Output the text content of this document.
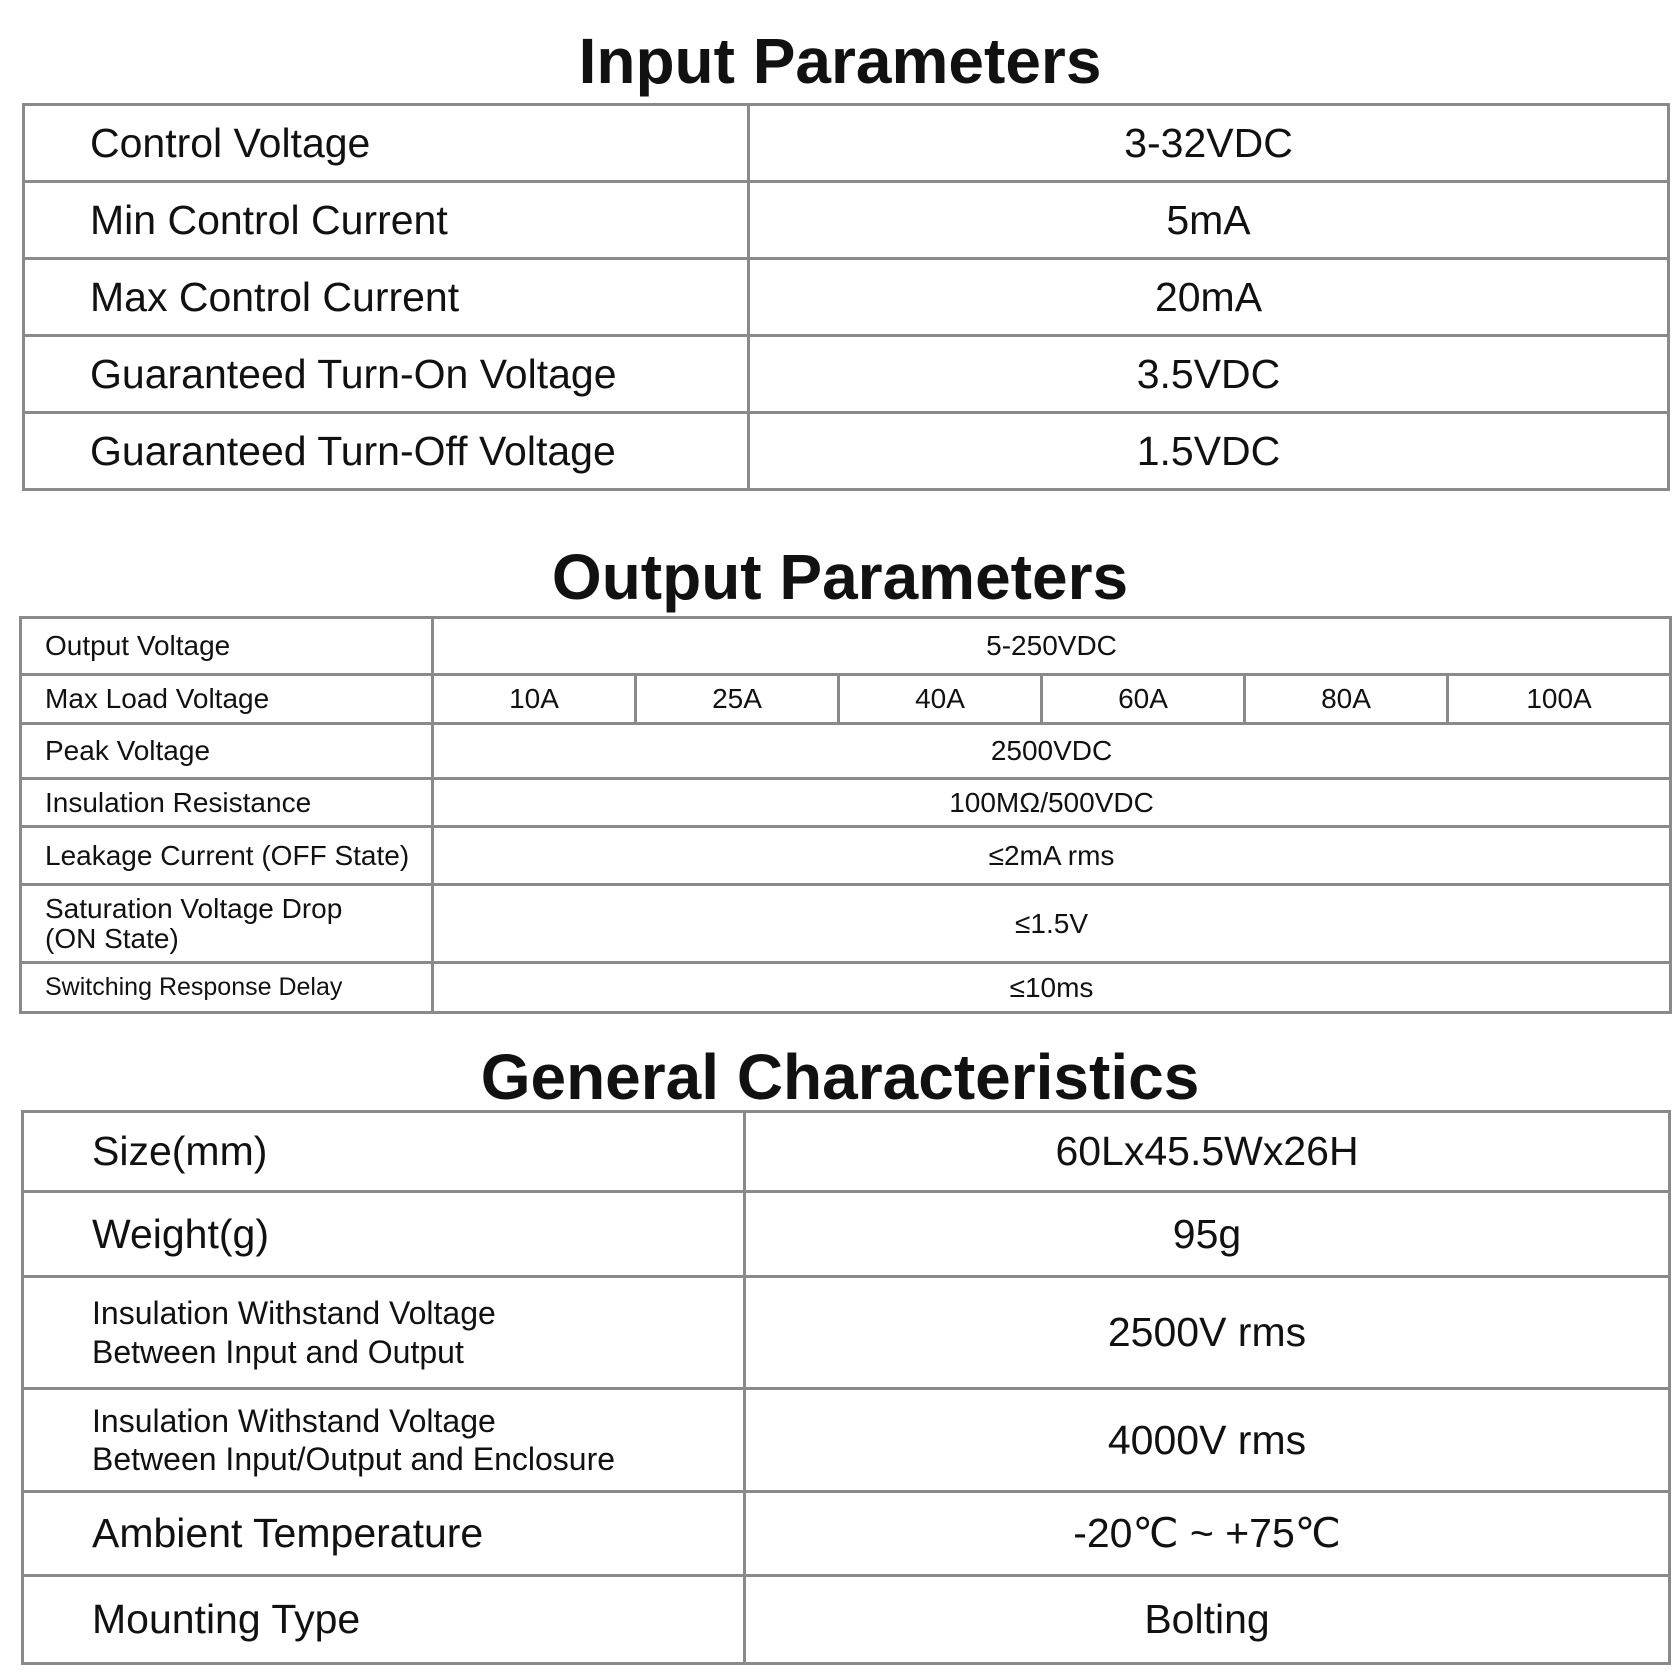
Input Parameters
Control Voltage	3-32VDC
Min Control Current	5mA
Max Control Current	20mA
Guaranteed Turn-On Voltage	3.5VDC
Guaranteed Turn-Off Voltage	1.5VDC
Output Parameters
Output Voltage	5-250VDC					
Max Load Voltage	10A	25A	40A	60A	80A	100A
Peak Voltage	2500VDC					
Insulation Resistance	100MΩ/500VDC					
Leakage Current (OFF State)	≤2mA rms					
Saturation Voltage Drop
(ON State)	≤1.5V					
Switching Response Delay	≤10ms					
General Characteristics
Size(mm)	60Lx45.5Wx26H
Weight(g)	95g
Insulation Withstand Voltage
Between Input and Output	2500V rms
Insulation Withstand Voltage
Between Input/Output and Enclosure	4000V rms
Ambient Temperature	-20℃ ~ +75℃
Mounting Type	Bolting
